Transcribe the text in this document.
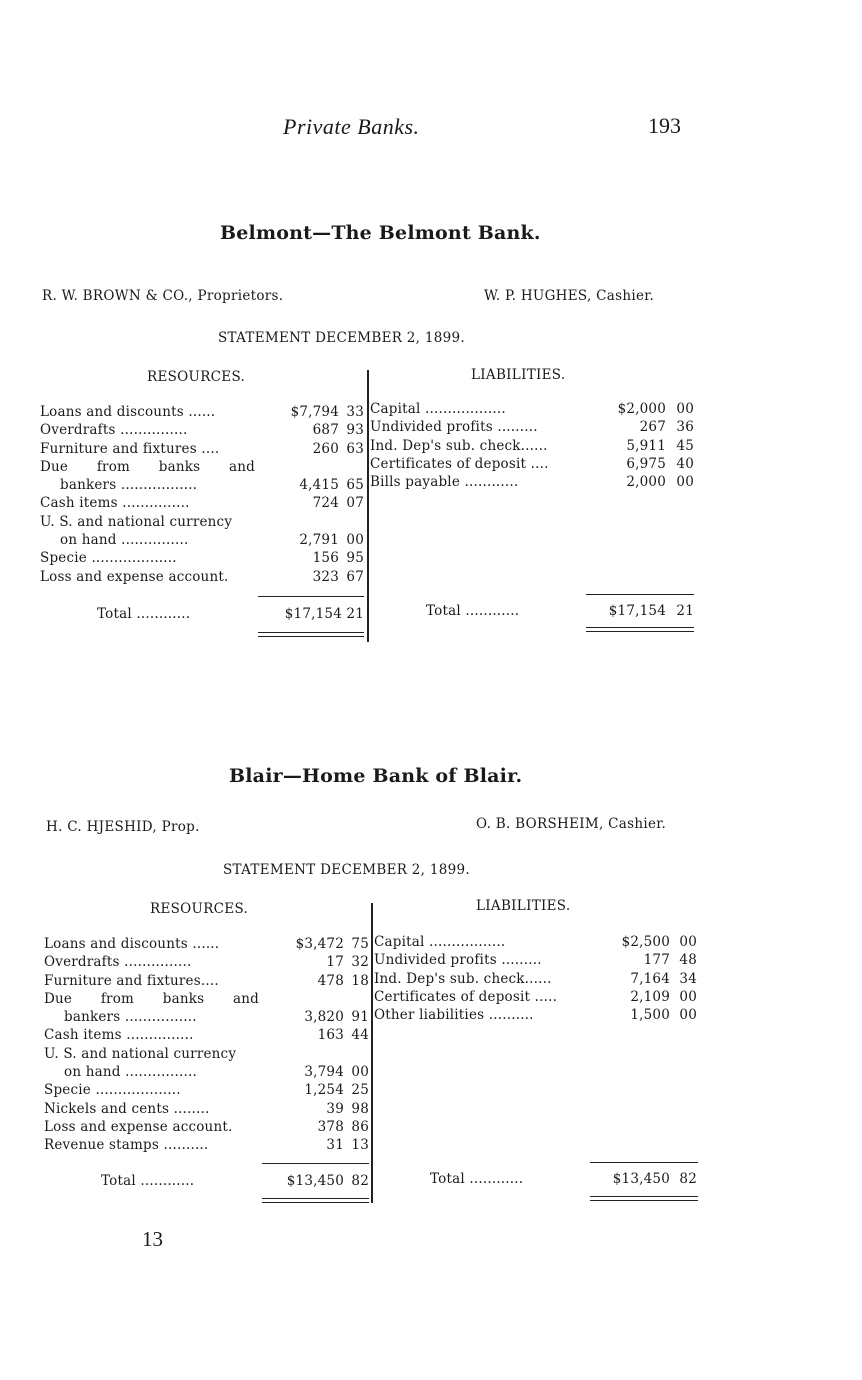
Private Banks.	193
Belmont—The Belmont Bank.
R. W. BROWN & CO., Proprietors.	W. P. HUGHES, Cashier.
STATEMENT DECEMBER 2, 1899.
RESOURCES.	LIABILITIES.
Loans and discounts ......	$7,794 33
Overdrafts ...............	687 93
Furniture and fixtures ....	260 63
Due from banks and
bankers .................	4,415 65
Cash items ...............	724 07
U. S. and national currency
on hand ...............	2,791 00
Specie ...................	156 95
Loss and expense account.	323 67
Capital ..................	$2,000 00
Undivided profits .........	267 36
Ind. Dep's sub. check......	5,911 45
Certificates of deposit ....	6,975 40
Bills payable ............	2,000 00
Total ............	$17,154 21	Total ............	$17,154 21
Blair—Home Bank of Blair.
H. C. HJESHID, Prop.	O. B. BORSHEIM, Cashier.
STATEMENT DECEMBER 2, 1899.
RESOURCES.	LIABILITIES.
Loans and discounts ......	$3,472 75
Overdrafts ...............	17 32
Furniture and fixtures....	478 18
Due from banks and
bankers ................	3,820 91
Cash items ...............	163 44
U. S. and national currency
on hand ................	3,794 00
Specie ...................	1,254 25
Nickels and cents ........	39 98
Loss and expense account.	378 86
Revenue stamps ..........	31 13
Capital .................	$2,500 00
Undivided profits .........	177 48
Ind. Dep's sub. check......	7,164 34
Certificates of deposit .....	2,109 00
Other liabilities ..........	1,500 00
Total ............	$13,450 82	Total ............	$13,450 82
13
